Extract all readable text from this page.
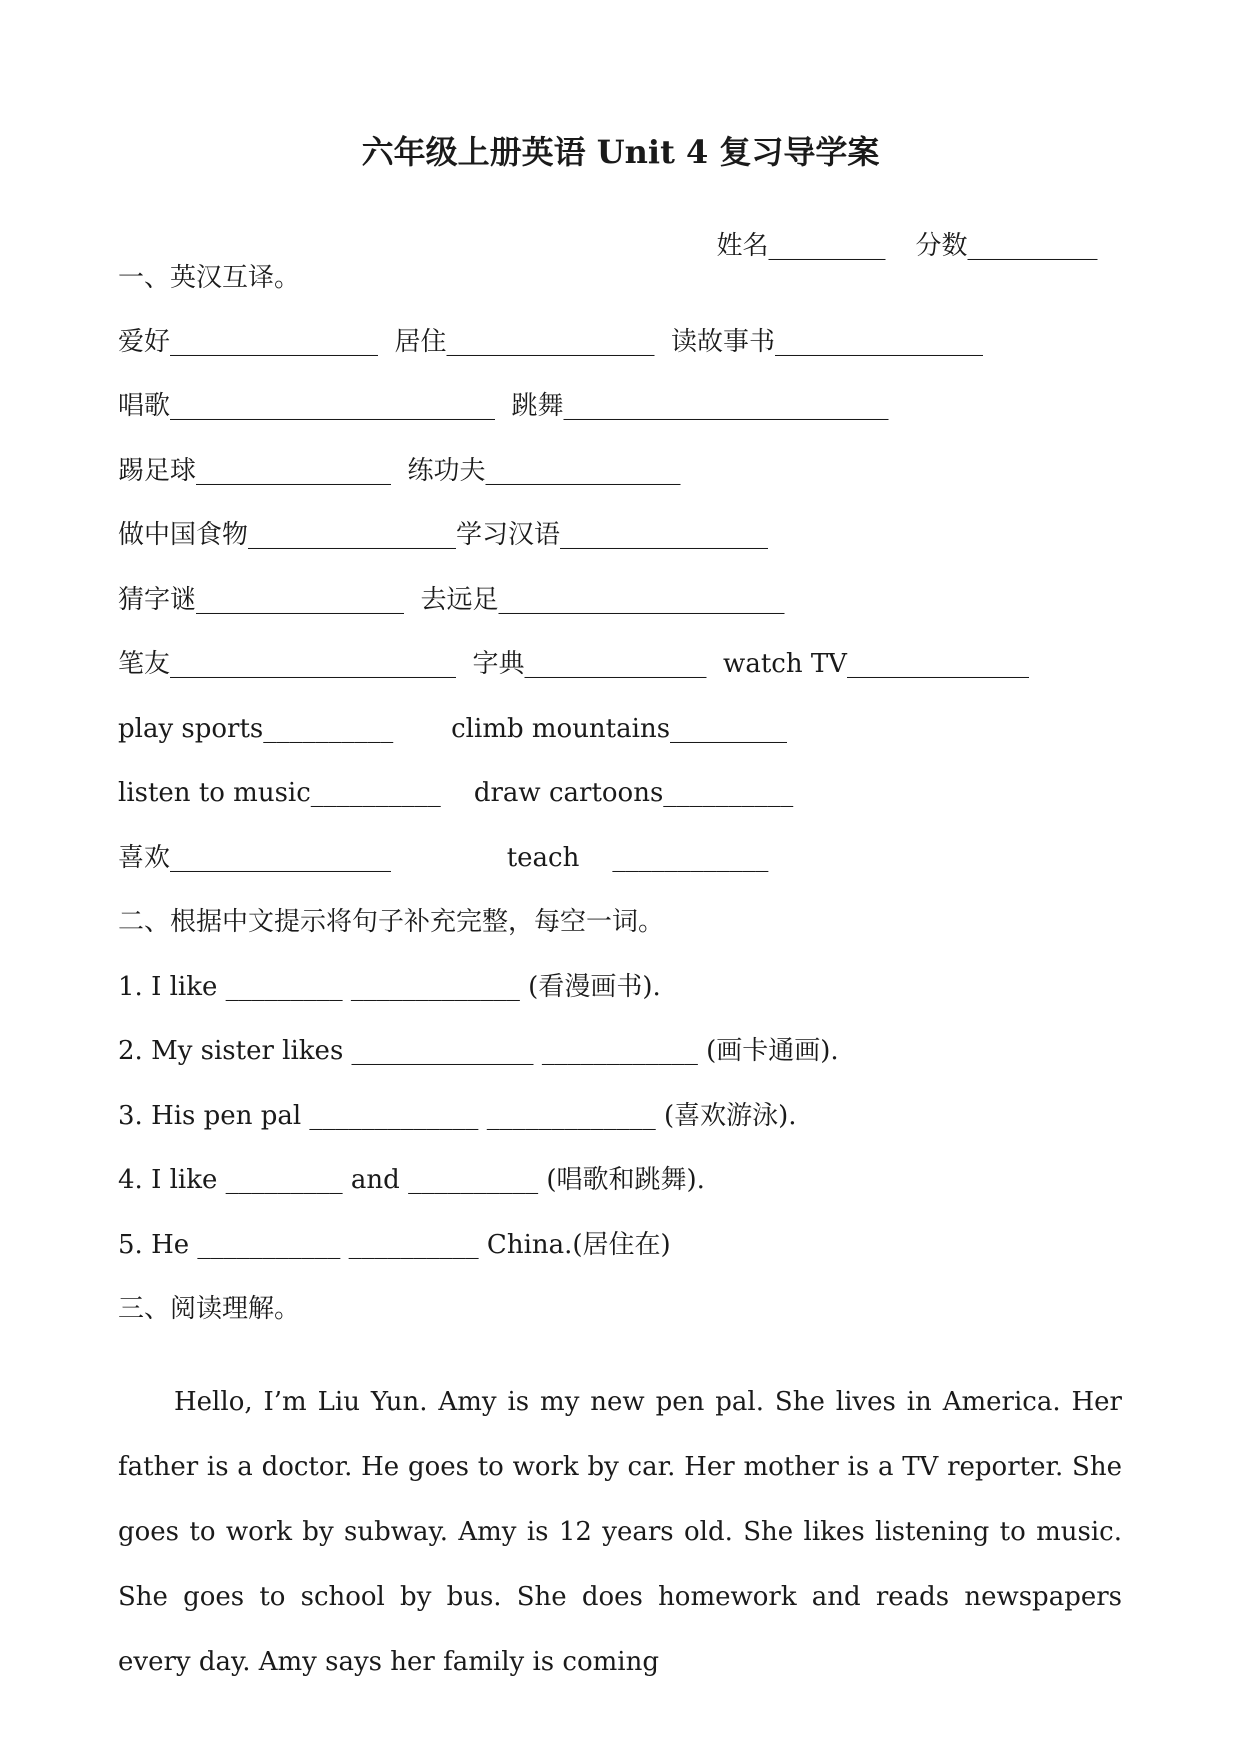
六年级上册英语 Unit 4 复习导学案

姓名_________ 分数__________

一、英汉互译。
爱好________________  居住________________  读故事书________________
唱歌_________________________  跳舞_________________________
踢足球_______________  练功夫_______________
做中国食物________________学习汉语________________
猜字谜________________  去远足______________________
笔友______________________  字典______________  watch TV______________
play sports__________       climb mountains_________
listen to music__________    draw cartoons__________
喜欢_________________              teach    ____________
二、根据中文提示将句子补充完整，每空一词。
1. I like _________ _____________ (看漫画书).
2. My sister likes ______________ ____________ (画卡通画).
3. His pen pal _____________ _____________ (喜欢游泳).
4. I like _________ and __________ (唱歌和跳舞).
5. He ___________ __________ China.(居住在)
三、阅读理解。
Hello, I’m Liu Yun. Amy is my new pen pal. She lives in America. Her father is a doctor. He goes to work by car. Her mother is a TV reporter. She goes to work by subway. Amy is 12 years old. She likes listening to music. She goes to school by bus. She does homework and reads newspapers every day. Amy says her family is coming
